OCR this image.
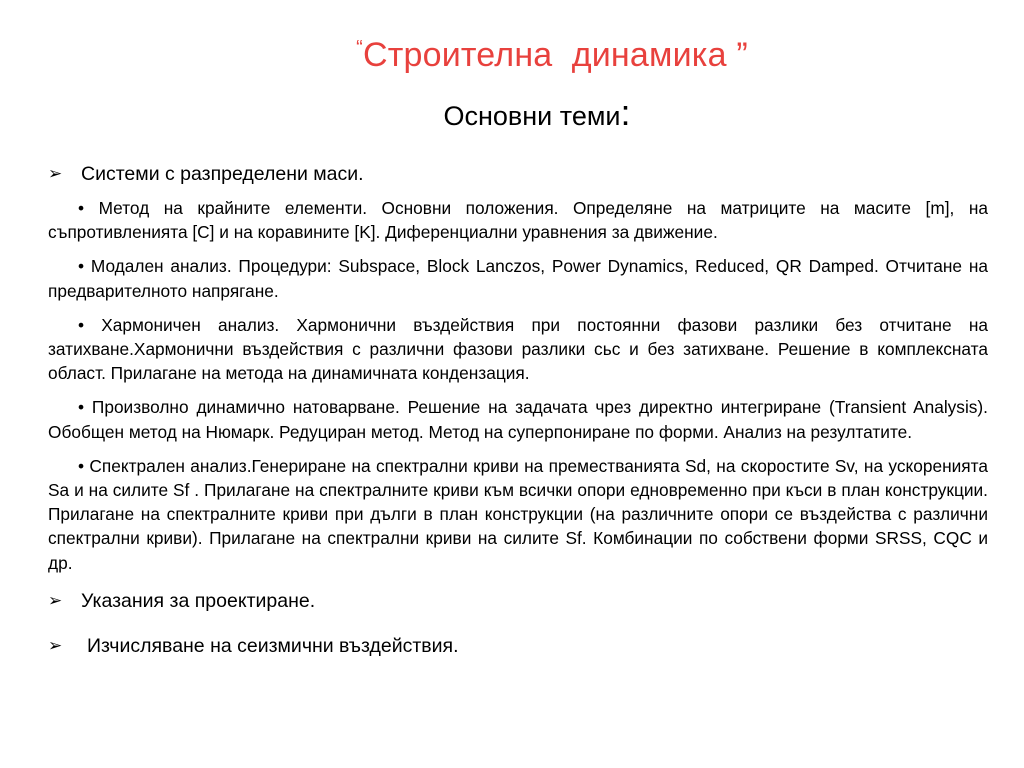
“Строителна  динамика ”
Основни теми:
➢ Системи с разпределени маси.

• Метод на крайните елементи. Основни положения. Определяне на матриците на масите [m], на съпротивленията [C] и на коравините [K]. Диференциални уравнения за движение.

• Модален анализ. Процедури: Subspace, Block Lanczos, Power Dynamics, Reduced, QR Damped. Отчитане на предварителното напрягане.

• Хармоничен анализ. Хармонични въздействия при постоянни фазови разлики без отчитане на затихване.Хармонични въздействия с различни фазови разлики сьс и без затихване. Решение в комплексната област. Прилагане на метода на динамичната кондензация.

• Произволно динамично натоварване. Решение на задачата чрез директно интегриране (Transient Analysis). Обобщен метод на Нюмарк. Редуциран метод. Метод на суперпониране по форми. Анализ на резултатите.

• Спектрален анализ.Генериране на спектрални криви на преместванията Sd, на скоростите Sv, на ускоренията Sa и на силите Sf . Прилагане на спектралните криви към всички опори едновременно при къси в план конструкции. Прилагане на спектралните криви при дълги в план конструкции (на различните опори се въздейства с различни спектрални криви). Прилагане на спектрални криви на силите Sf. Комбинации по собствени форми SRSS, CQC и др.

➢ Указания за проектиране.
➢	Изчисляване на сеизмични въздействия.
